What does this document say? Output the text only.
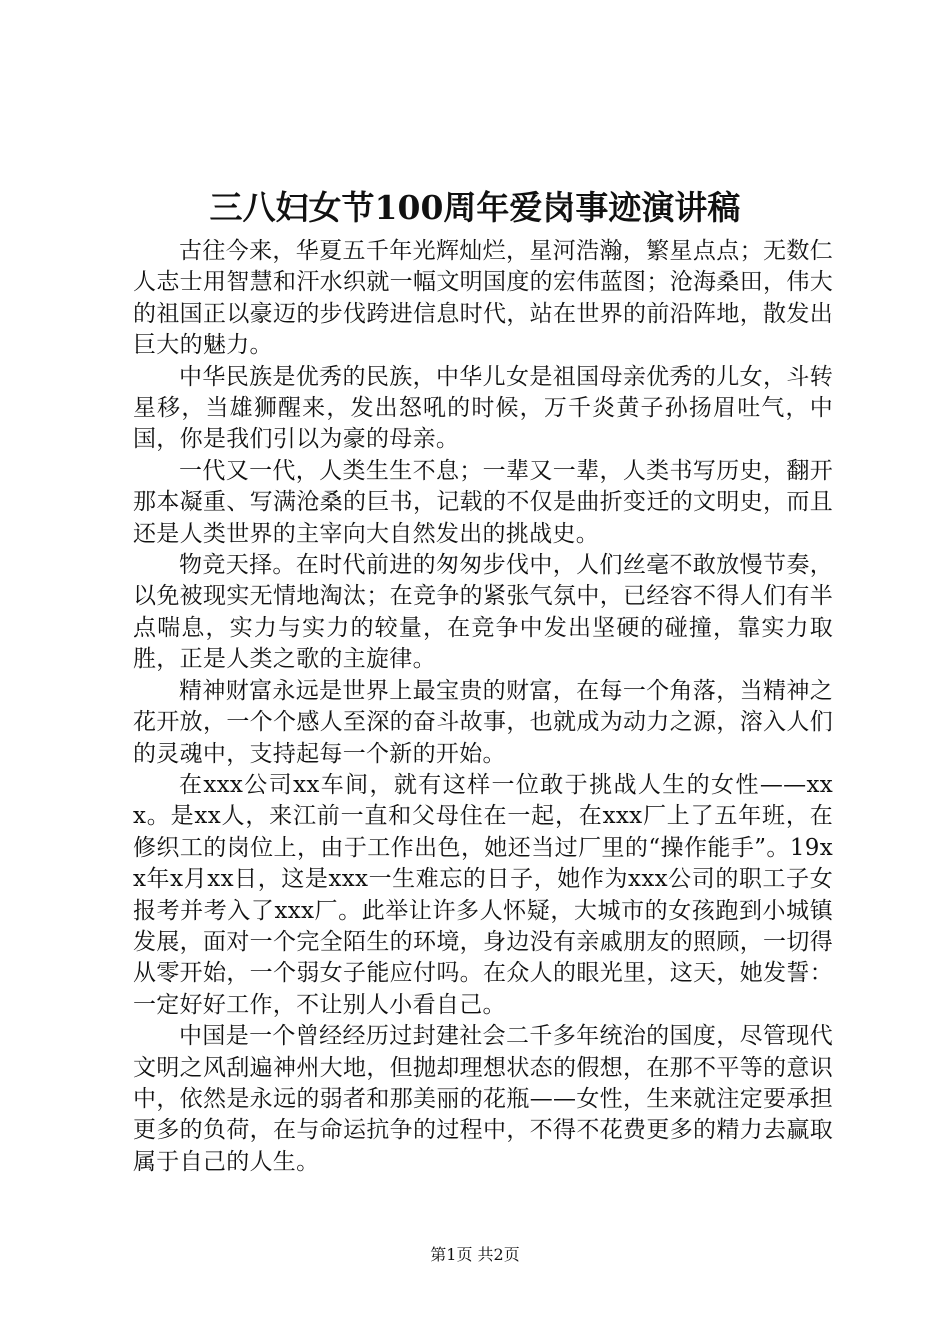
三八妇女节100周年爱岗事迹演讲稿

古往今来，华夏五千年光辉灿烂，星河浩瀚，繁星点点；无数仁人志士用智慧和汗水织就一幅文明国度的宏伟蓝图；沧海桑田，伟大的祖国正以豪迈的步伐跨进信息时代，站在世界的前沿阵地，散发出巨大的魅力。

中华民族是优秀的民族，中华儿女是祖国母亲优秀的儿女，斗转星移，当雄狮醒来，发出怒吼的时候，万千炎黄子孙扬眉吐气，中国，你是我们引以为豪的母亲。

一代又一代，人类生生不息；一辈又一辈，人类书写历史，翻开那本凝重、写满沧桑的巨书，记载的不仅是曲折变迁的文明史，而且还是人类世界的主宰向大自然发出的挑战史。

物竞天择。在时代前进的匆匆步伐中，人们丝毫不敢放慢节奏，以免被现实无情地淘汰；在竞争的紧张气氛中，已经容不得人们有半点喘息，实力与实力的较量，在竞争中发出坚硬的碰撞，靠实力取胜，正是人类之歌的主旋律。

精神财富永远是世界上最宝贵的财富，在每一个角落，当精神之花开放，一个个感人至深的奋斗故事，也就成为动力之源，溶入人们的灵魂中，支持起每一个新的开始。

在xxx公司xx车间，就有这样一位敢于挑战人生的女性——xxx。是xx人，来江前一直和父母住在一起，在xxx厂上了五年班，在修织工的岗位上，由于工作出色，她还当过厂里的“操作能手”。19xx年x月xx日，这是xxx一生难忘的日子，她作为xxx公司的职工子女报考并考入了xxx厂。此举让许多人怀疑，大城市的女孩跑到小城镇发展，面对一个完全陌生的环境，身边没有亲戚朋友的照顾，一切得从零开始，一个弱女子能应付吗。在众人的眼光里，这天，她发誓：一定好好工作，不让别人小看自己。

中国是一个曾经经历过封建社会二千多年统治的国度，尽管现代文明之风刮遍神州大地，但抛却理想状态的假想，在那不平等的意识中，依然是永远的弱者和那美丽的花瓶——女性，生来就注定要承担更多的负荷，在与命运抗争的过程中，不得不花费更多的精力去赢取属于自己的人生。

第1页 共2页
